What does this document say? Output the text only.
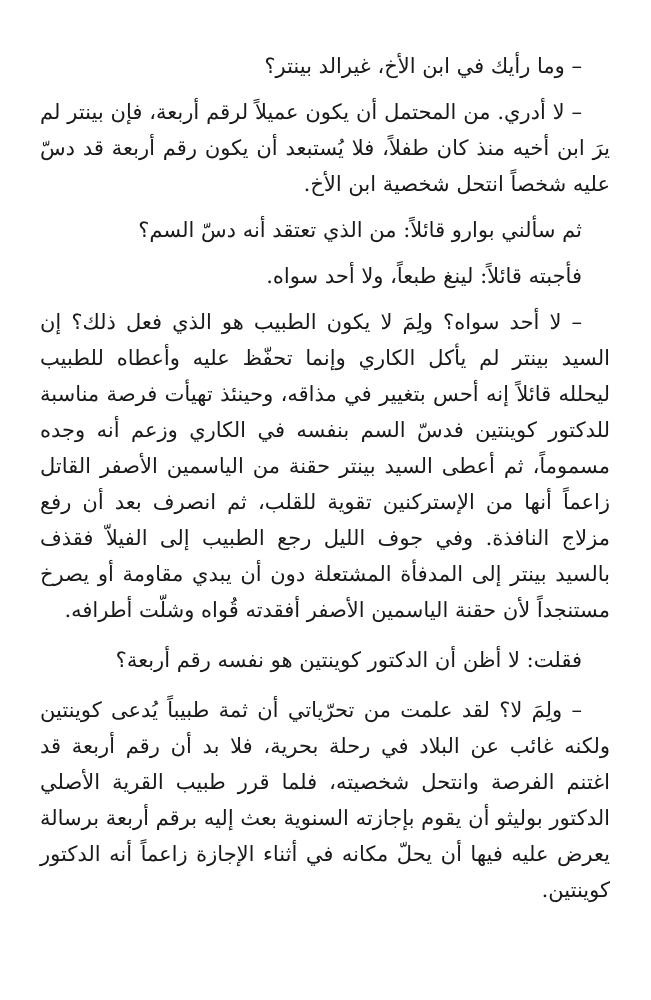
– وما رأيك في ابن الأخ، غيرالد بينتر؟

– لا أدري. من المحتمل أن يكون عميلاً لرقم أربعة، فإن بينتر لم يرَ ابن أخيه منذ كان طفلاً، فلا يُستبعد أن يكون رقم أربعة قد دسّ عليه شخصاً انتحل شخصية ابن الأخ.

ثم سألني بوارو قائلاً: من الذي تعتقد أنه دسّ السم؟

فأجبته قائلاً: لينغ طبعاً، ولا أحد سواه.

– لا أحد سواه؟ ولِمَ لا يكون الطبيب هو الذي فعل ذلك؟ إن السيد بينتر لم يأكل الكاري وإنما تحفّظ عليه وأعطاه للطبيب ليحلله قائلاً إنه أحس بتغيير في مذاقه، وحينئذ تهيأت فرصة مناسبة للدكتور كوينتين فدسّ السم بنفسه في الكاري وزعم أنه وجده مسموماً، ثم أعطى السيد بينتر حقنة من الياسمين الأصفر القاتل زاعماً أنها من الإستركنين تقوية للقلب، ثم انصرف بعد أن رفع مزلاج النافذة. وفي جوف الليل رجع الطبيب إلى الفيلاّ فقذف بالسيد بينتر إلى المدفأة المشتعلة دون أن يبدي مقاومة أو يصرخ مستنجداً لأن حقنة الياسمين الأصفر أفقدته قُواه وشلّت أطرافه.

فقلت: لا أظن أن الدكتور كوينتين هو نفسه رقم أربعة؟

– ولِمَ لا؟ لقد علمت من تحرّياتي أن ثمة طبيباً يُدعى كوينتين ولكنه غائب عن البلاد في رحلة بحرية، فلا بد أن رقم أربعة قد اغتنم الفرصة وانتحل شخصيته، فلما قرر طبيب القرية الأصلي الدكتور بوليثو أن يقوم بإجازته السنوية بعث إليه برقم أربعة برسالة يعرض عليه فيها أن يحلّ مكانه في أثناء الإجازة زاعماً أنه الدكتور كوينتين.
